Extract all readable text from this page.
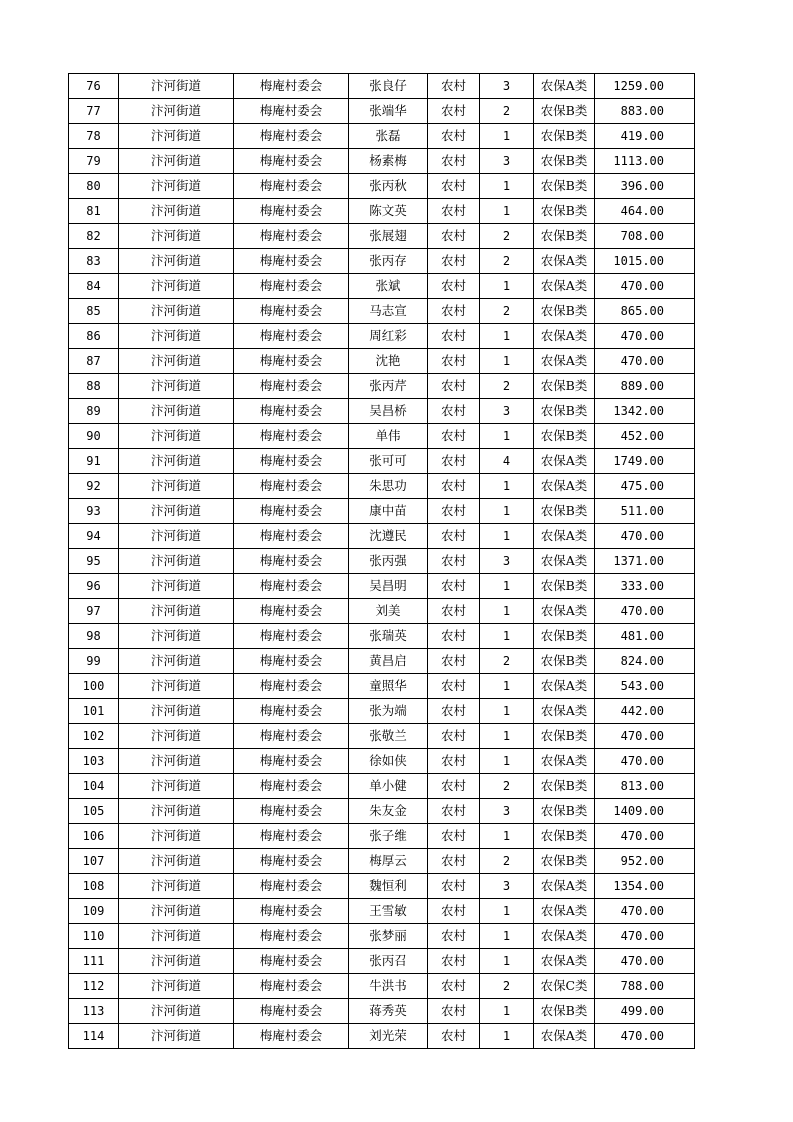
76	汴河街道	梅庵村委会	张良仔	农村	3	农保A类	1259.00
77	汴河街道	梅庵村委会	张端华	农村	2	农保B类	883.00
78	汴河街道	梅庵村委会	张磊	农村	1	农保B类	419.00
79	汴河街道	梅庵村委会	杨素梅	农村	3	农保B类	1113.00
80	汴河街道	梅庵村委会	张丙秋	农村	1	农保B类	396.00
81	汴河街道	梅庵村委会	陈文英	农村	1	农保B类	464.00
82	汴河街道	梅庵村委会	张展翅	农村	2	农保B类	708.00
83	汴河街道	梅庵村委会	张丙存	农村	2	农保A类	1015.00
84	汴河街道	梅庵村委会	张斌	农村	1	农保A类	470.00
85	汴河街道	梅庵村委会	马志宣	农村	2	农保B类	865.00
86	汴河街道	梅庵村委会	周红彩	农村	1	农保A类	470.00
87	汴河街道	梅庵村委会	沈艳	农村	1	农保A类	470.00
88	汴河街道	梅庵村委会	张丙芹	农村	2	农保B类	889.00
89	汴河街道	梅庵村委会	吴昌桥	农村	3	农保B类	1342.00
90	汴河街道	梅庵村委会	单伟	农村	1	农保B类	452.00
91	汴河街道	梅庵村委会	张可可	农村	4	农保A类	1749.00
92	汴河街道	梅庵村委会	朱思功	农村	1	农保A类	475.00
93	汴河街道	梅庵村委会	康中苗	农村	1	农保B类	511.00
94	汴河街道	梅庵村委会	沈遵民	农村	1	农保A类	470.00
95	汴河街道	梅庵村委会	张丙强	农村	3	农保A类	1371.00
96	汴河街道	梅庵村委会	吴昌明	农村	1	农保B类	333.00
97	汴河街道	梅庵村委会	刘美	农村	1	农保A类	470.00
98	汴河街道	梅庵村委会	张瑞英	农村	1	农保B类	481.00
99	汴河街道	梅庵村委会	黄昌启	农村	2	农保B类	824.00
100	汴河街道	梅庵村委会	童照华	农村	1	农保A类	543.00
101	汴河街道	梅庵村委会	张为端	农村	1	农保A类	442.00
102	汴河街道	梅庵村委会	张敬兰	农村	1	农保B类	470.00
103	汴河街道	梅庵村委会	徐如侠	农村	1	农保A类	470.00
104	汴河街道	梅庵村委会	单小健	农村	2	农保B类	813.00
105	汴河街道	梅庵村委会	朱友金	农村	3	农保B类	1409.00
106	汴河街道	梅庵村委会	张子维	农村	1	农保B类	470.00
107	汴河街道	梅庵村委会	梅厚云	农村	2	农保B类	952.00
108	汴河街道	梅庵村委会	魏恒利	农村	3	农保A类	1354.00
109	汴河街道	梅庵村委会	王雪敏	农村	1	农保A类	470.00
110	汴河街道	梅庵村委会	张梦丽	农村	1	农保A类	470.00
111	汴河街道	梅庵村委会	张丙召	农村	1	农保A类	470.00
112	汴河街道	梅庵村委会	牛洪书	农村	2	农保C类	788.00
113	汴河街道	梅庵村委会	蒋秀英	农村	1	农保B类	499.00
114	汴河街道	梅庵村委会	刘光荣	农村	1	农保A类	470.00
